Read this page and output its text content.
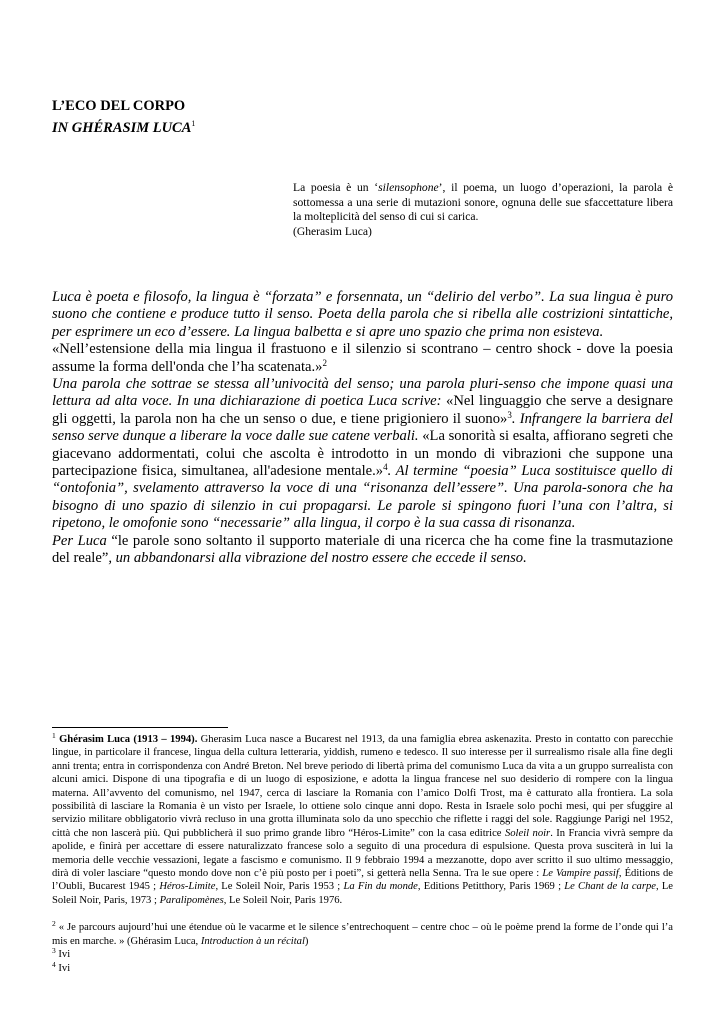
L’ECO DEL CORPO
IN GHÉRASIM LUCA$^1$

La poesia è un ‘silensophone’, il poema, un luogo d’operazioni, la parola è sottomessa a una serie di mutazioni sonore, ognuna delle sue sfaccettature libera la molteplicità del senso di cui si carica.

(Gherasim Luca)

Luca è poeta e filosofo, la lingua è “forzata” e forsennata, un “delirio del verbo”. La sua lingua è puro suono che contiene e produce tutto il senso. Poeta della parola che si ribella alle costrizioni sintattiche, per esprimere un eco d’essere. La lingua balbetta e si apre uno spazio che prima non esisteva.

«Nell’estensione della mia lingua il frastuono e il silenzio si scontrano – centro shock - dove la poesia assume la forma dell'onda che l’ha scatenata.»$^2$

Una parola che sottrae se stessa all’univocità del senso; una parola pluri-senso che impone quasi una lettura ad alta voce. In una dichiarazione di poetica Luca scrive: «Nel linguaggio che serve a designare gli oggetti, la parola non ha che un senso o due, e tiene prigioniero il suono»$^3$. Infrangere la barriera del senso serve dunque a liberare la voce dalle sue catene verbali. «La sonorità si esalta, affiorano segreti che giacevano addormentati, colui che ascolta è introdotto in un mondo di vibrazioni che suppone una partecipazione fisica, simultanea, all'adesione mentale.»$^4$. Al termine “poesia” Luca sostituisce quello di “ontofonia”, svelamento attraverso la voce di una “risonanza dell’essere”. Una parola-sonora che ha bisogno di uno spazio di silenzio in cui propagarsi. Le parole si spingono fuori l’una con l’altra, si ripetono, le omofonie sono “necessarie” alla lingua, il corpo è la sua cassa di risonanza.

Per Luca “le parole sono soltanto il supporto materiale di una ricerca che ha come fine la trasmutazione del reale”, un abbandonarsi alla vibrazione del nostro essere che eccede il senso.

$^1$ Ghérasim Luca (1913 – 1994). Gherasim Luca nasce a Bucarest nel 1913, da una famiglia ebrea askenazita. Presto in contatto con parecchie lingue, in particolare il francese, lingua della cultura letteraria, yiddish, rumeno e tedesco. Il suo interesse per il surrealismo risale alla fine degli anni trenta; entra in corrispondenza con André Breton. Nel breve periodo di libertà prima del comunismo Luca da vita a un gruppo surrealista con alcuni amici. Dispone di una tipografia e di un luogo di esposizione, e adotta la lingua francese nel suo desiderio di rompere con la lingua materna. All’avvento del comunismo, nel 1947, cerca di lasciare la Romania con l’amico Dolfi Trost, ma è catturato alla frontiera. La sola possibilità di lasciare la Romania è un visto per Israele, lo ottiene solo cinque anni dopo. Resta in Israele solo pochi mesi, qui per sfuggire al servizio militare obbligatorio vivrà recluso in una grotta illuminata solo da uno specchio che riflette i raggi del sole. Raggiunge Parigi nel 1952, città che non lascerà più. Qui pubblicherà il suo primo grande libro “Héros-Limite” con la casa editrice Soleil noir. In Francia vivrà sempre da apolide, e finirà per accettare di essere naturalizzato francese solo a seguito di una procedura di espulsione. Questa prova susciterà in lui la memoria delle vecchie vessazioni, legate a fascismo e comunismo. Il 9 febbraio 1994 a mezzanotte, dopo aver scritto il suo ultimo messaggio, dirà di voler lasciare “questo mondo dove non c’è più posto per i poeti”, si getterà nella Senna. Tra le sue opere : Le Vampire passif, Éditions de l’Oubli, Bucarest 1945 ; Héros-Limite, Le Soleil Noir, Paris 1953 ; La Fin du monde, Editions Petitthory, Paris 1969 ; Le Chant de la carpe, Le Soleil Noir, Paris, 1973 ; Paralipomènes, Le Soleil Noir, Paris 1976.

$^2$ « Je parcours aujourd’hui une étendue où le vacarme et le silence s’entrechoquent – centre choc – où le poème prend la forme de l’onde qui l’a mis en marche. » (Ghérasim Luca, Introduction à un récital)

$^3$ Ivi

$^4$ Ivi
